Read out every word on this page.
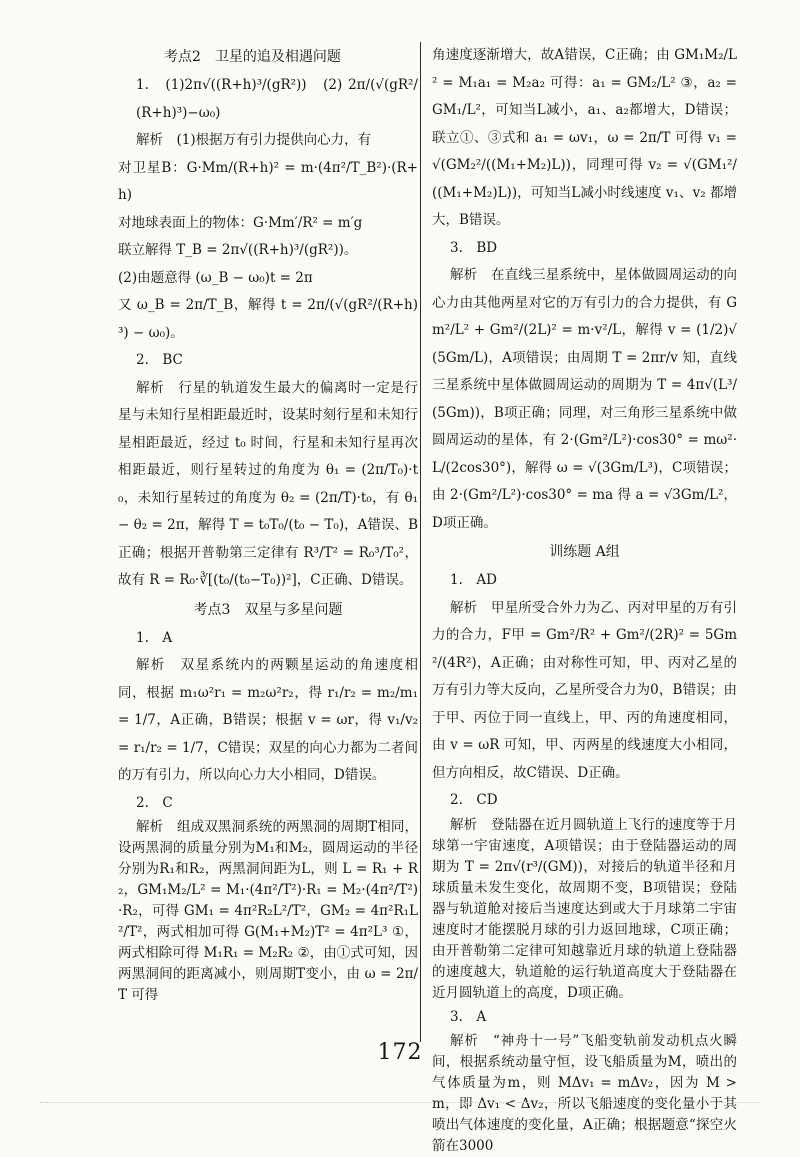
考点2　卫星的追及相遇问题

1.　(1)2π√((R+h)³/(gR²))　(2) 2π/(√(gR²/(R+h)³)−ω₀)

解析　(1)根据万有引力提供向心力，有

对卫星B：G·Mm/(R+h)² = m·(4π²/T_B²)·(R+h)

对地球表面上的物体：G·Mm′/R² = m′g

联立解得 T_B = 2π√((R+h)³/(gR²))。

(2)由题意得 (ω_B − ω₀)t = 2π

又 ω_B = 2π/T_B，解得 t = 2π/(√(gR²/(R+h)³) − ω₀)。

2.　BC

解析　行星的轨道发生最大的偏离时一定是行星与未知行星相距最近时，设某时刻行星和未知行星相距最近，经过 t₀ 时间，行星和未知行星再次相距最近，则行星转过的角度为 θ₁ = (2π/T₀)·t₀，未知行星转过的角度为 θ₂ = (2π/T)·t₀，有 θ₁ − θ₂ = 2π，解得 T = t₀T₀/(t₀ − T₀)，A错误、B正确；根据开普勒第三定律有 R³/T² = R₀³/T₀²，故有 R = R₀·∛[(t₀/(t₀−T₀))²]，C正确、D错误。

考点3　双星与多星问题

1.　A

解析　双星系统内的两颗星运动的角速度相同，根据 m₁ω²r₁ = m₂ω²r₂，得 r₁/r₂ = m₂/m₁ = 1/7，A正确，B错误；根据 v = ωr，得 v₁/v₂ = r₁/r₂ = 1/7，C错误；双星的向心力都为二者间的万有引力，所以向心力大小相同，D错误。

2.　C

解析　组成双黑洞系统的两黑洞的周期T相同，设两黑洞的质量分别为M₁和M₂，圆周运动的半径分别为R₁和R₂，两黑洞间距为L，则 L = R₁ + R₂，GM₁M₂/L² = M₁·(4π²/T²)·R₁ = M₂·(4π²/T²)·R₂，可得 GM₁ = 4π²R₂L²/T²，GM₂ = 4π²R₁L²/T²，两式相加可得 G(M₁+M₂)T² = 4π²L³ ①，两式相除可得 M₁R₁ = M₂R₂ ②，由①式可知，因两黑洞间的距离减小，则周期T变小，由 ω = 2π/T 可得

角速度逐渐增大，故A错误，C正确；由 GM₁M₂/L² = M₁a₁ = M₂a₂ 可得：a₁ = GM₂/L² ③，a₂ = GM₁/L²，可知当L减小，a₁、a₂都增大，D错误；联立①、③式和 a₁ = ωv₁，ω = 2π/T 可得 v₁ = √(GM₂²/((M₁+M₂)L))，同理可得 v₂ = √(GM₁²/((M₁+M₂)L))，可知当L减小时线速度 v₁、v₂ 都增大，B错误。

3.　BD

解析　在直线三星系统中，星体做圆周运动的向心力由其他两星对它的万有引力的合力提供，有 Gm²/L² + Gm²/(2L)² = m·v²/L，解得 v = (1/2)√(5Gm/L)，A项错误；由周期 T = 2πr/v 知，直线三星系统中星体做圆周运动的周期为 T = 4π√(L³/(5Gm))，B项正确；同理，对三角形三星系统中做圆周运动的星体，有 2·(Gm²/L²)·cos30° = mω²·L/(2cos30°)，解得 ω = √(3Gm/L³)，C项错误；由 2·(Gm²/L²)·cos30° = ma 得 a = √3Gm/L²，D项正确。

训练题 A组

1.　AD

解析　甲星所受合外力为乙、丙对甲星的万有引力的合力，F甲 = Gm²/R² + Gm²/(2R)² = 5Gm²/(4R²)，A正确；由对称性可知，甲、丙对乙星的万有引力等大反向，乙星所受合力为0，B错误；由于甲、丙位于同一直线上，甲、丙的角速度相同，由 v = ωR 可知，甲、丙两星的线速度大小相同，但方向相反，故C错误、D正确。

2.　CD

解析　登陆器在近月圆轨道上飞行的速度等于月球第一宇宙速度，A项错误；由于登陆器运动的周期为 T = 2π√(r³/(GM))，对接后的轨道半径和月球质量未发生变化，故周期不变，B项错误；登陆器与轨道舱对接后当速度达到或大于月球第二宇宙速度时才能摆脱月球的引力返回地球，C项正确；由开普勒第二定律可知越靠近月球的轨道上登陆器的速度越大，轨道舱的运行轨道高度大于登陆器在近月圆轨道上的高度，D项正确。

3.　A

解析　“神舟十一号”飞船变轨前发动机点火瞬间，根据系统动量守恒，设飞船质量为M，喷出的气体质量为m，则 MΔv₁ = mΔv₂，因为 M > m，即 Δv₁ < Δv₂，所以飞船速度的变化量小于其喷出气体速度的变化量，A正确；根据题意“探空火箭在3000

172
